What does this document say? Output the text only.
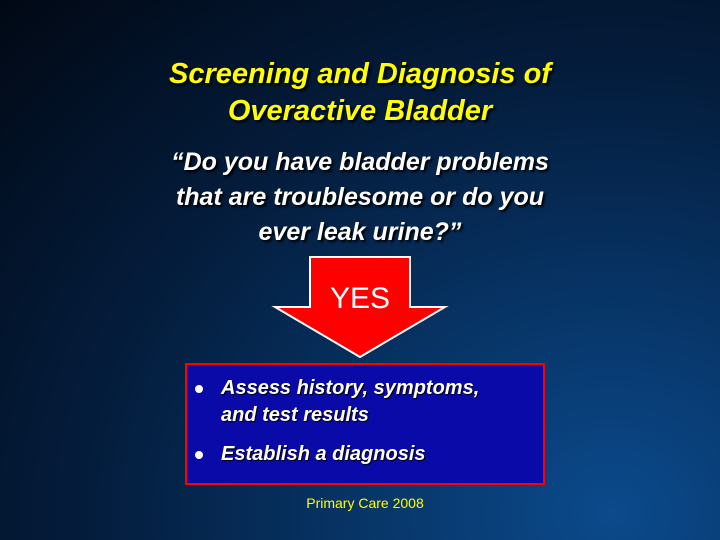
Screening and Diagnosis of
Overactive Bladder
“Do you have bladder problems
that are troublesome or do you
ever leak urine?”
YES
Assess history, symptoms,
and test results
Establish a diagnosis
Primary Care 2008
